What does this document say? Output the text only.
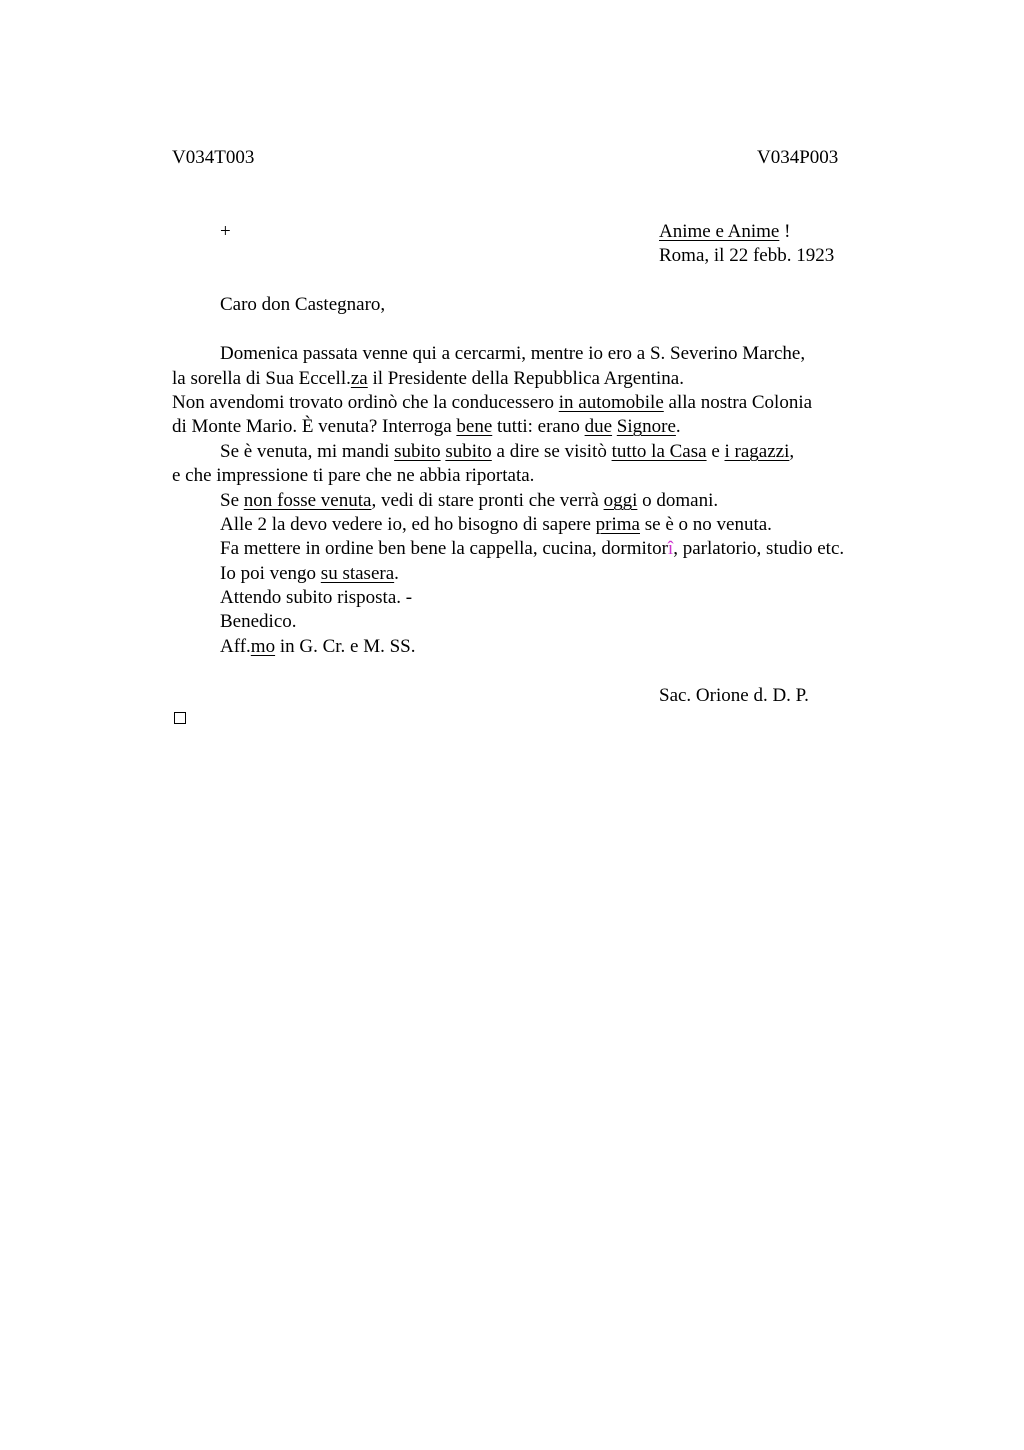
V034T003	V034P003
+	Anime e Anime !
Roma, il 22 febb. 1923
Caro don Castegnaro,
Domenica passata venne qui a cercarmi, mentre io ero a S. Severino Marche,
la sorella di Sua Eccell.za il Presidente della Repubblica Argentina.
Non avendomi trovato ordinò che la conducessero in automobile alla nostra Colonia
di Monte Mario. È venuta? Interroga bene tutti: erano due Signore.
Se è venuta, mi mandi subito subito a dire se visitò tutto la Casa e i ragazzi,
e che impressione ti pare che ne abbia riportata.
Se non fosse venuta, vedi di stare pronti che verrà oggi o domani.
Alle 2 la devo vedere io, ed ho bisogno di sapere prima se è o no venuta.
Fa mettere in ordine ben bene la cappella, cucina, dormitorî, parlatorio, studio etc.
Io poi vengo su stasera.
Attendo subito risposta. -
Benedico.
Aff.mo in G. Cr. e M. SS.
Sac. Orione d. D. P.
